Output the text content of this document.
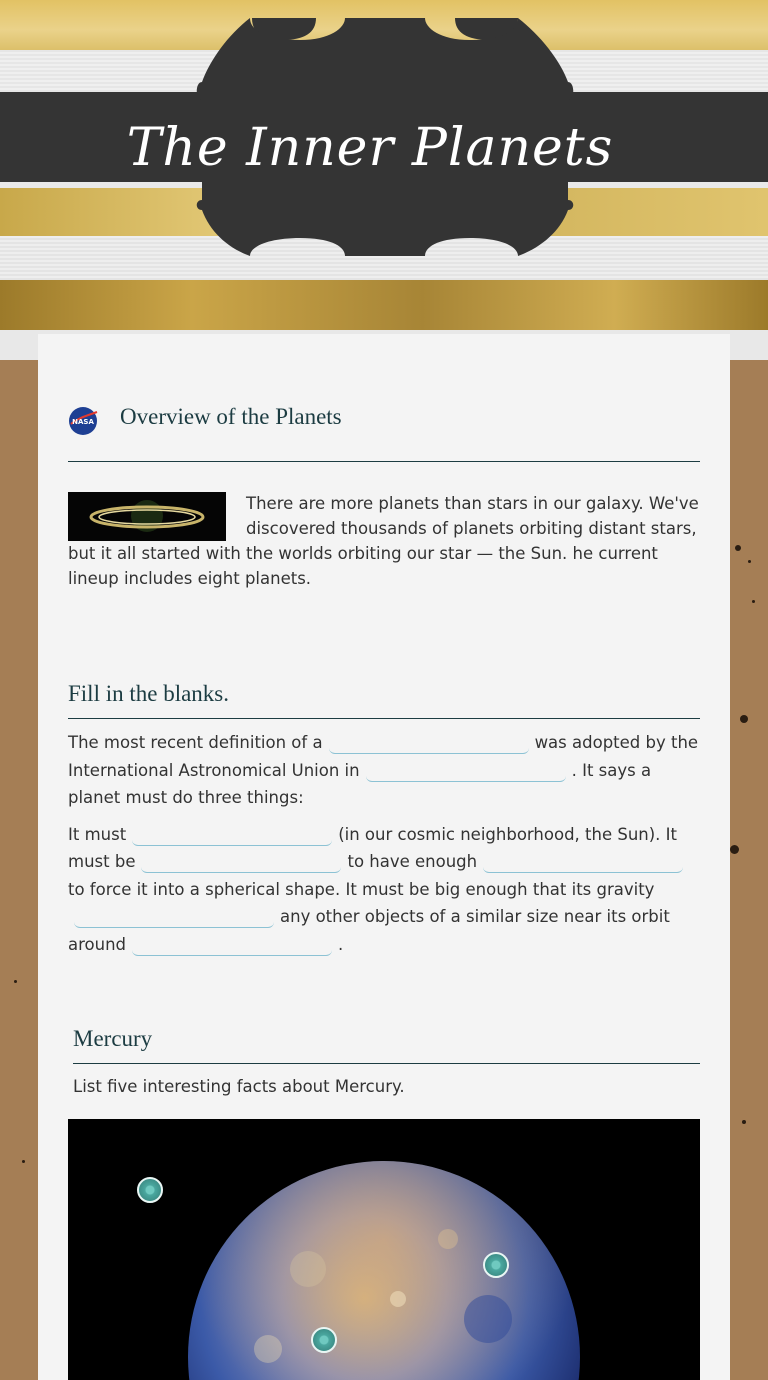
The Inner Planets
NASA Overview of the Planets
There are more planets than stars in our galaxy. We've discovered thousands of planets orbiting distant stars, but it all started with the worlds orbiting our star — the Sun. he current lineup includes eight planets.
Fill in the blanks.

The most recent definition of a	was adopted by the International Astronomical Union in	. It says a planet must do three things:

It must	(in our cosmic neighborhood, the Sun). It must be	to have enoughto force it into a spherical shape. It must be big enough that its gravityany other objects of a similar size near its orbit around	.

Mercury
List five interesting facts about Mercury.
